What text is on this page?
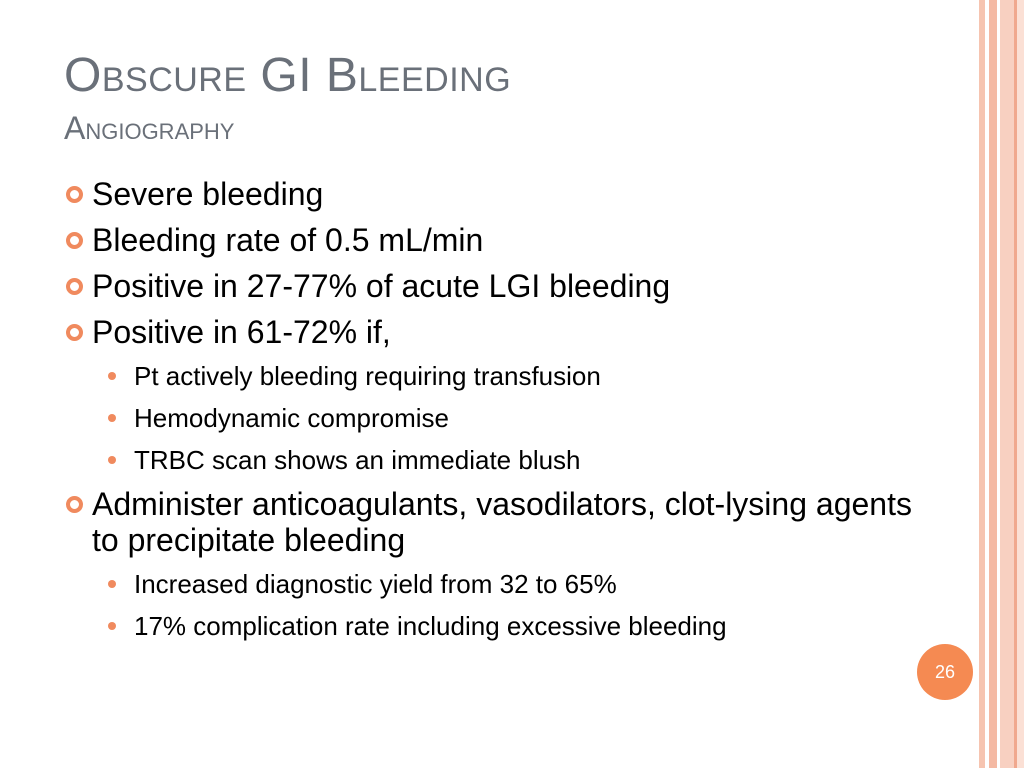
Obscure GI Bleeding
Angiography
Severe bleeding
Bleeding rate of 0.5 mL/min
Positive in 27-77% of acute LGI bleeding
Positive in 61-72% if,
Pt actively bleeding requiring transfusion
Hemodynamic compromise
TRBC scan shows an immediate blush
Administer anticoagulants, vasodilators, clot-lysing agents to precipitate bleeding
Increased diagnostic yield from 32 to 65%
17% complication rate including excessive bleeding
26
